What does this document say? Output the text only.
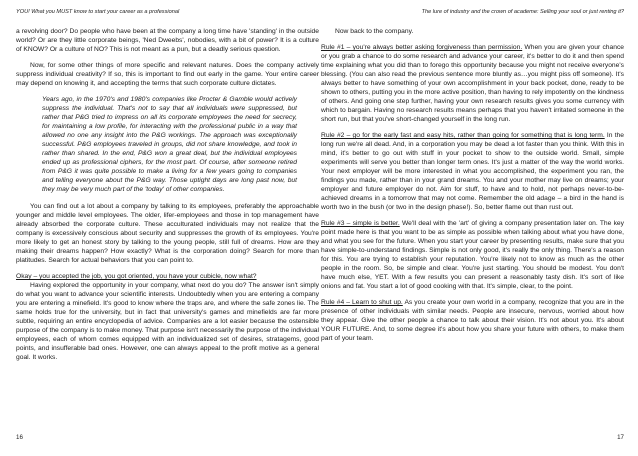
YOU! What you MUST know to start your career as a professional

a revolving door? Do people who have been at the company a long time have 'standing' in the outside world? Or are they little corporate beings, 'Ned Dweebs', nobodies, with a bit of power? It is a culture of KNOW? Or a culture of NO? This is not meant as a pun, but a deadly serious question.

Now, for some other things of more specific and relevant natures. Does the company actively suppress individual creativity? If so, this is important to find out early in the game. Your entire career may depend on knowing it, and accepting the terms that such corporate culture dictates.

Years ago, in the 1970's and 1980's companies like Procter & Gamble would actively suppress the individual. That's not to say that all individuals were suppressed, but rather that P&G tried to impress on all its corporate employees the need for secrecy, for maintaining a low profile, for interacting with the professional public in a way that allowed no one any insight into the P&G workings. The approach was exceptionally successful. P&G employees traveled in groups, did not share knowledge, and took in rather than shared. In the end, P&G won a great deal, but the individual employees ended up as professional ciphers, for the most part. Of course, after someone retired from P&G it was quite possible to make a living for a few years going to companies and telling everyone about the P&G way. Those uptight days are long past now, but they may be very much part of the 'today' of other companies.

You can find out a lot about a company by talking to its employees, preferably the approachable younger and middle level employees. The older, lifer-employees and those in top management have already absorbed the corporate culture. These acculturated individuals may not realize that the company is excessively conscious about security and suppresses the growth of its employees. You're more likely to get an honest story by talking to the young people, still full of dreams. How are they making their dreams happen? How exactly? What is the corporation doing? Search for more than platitudes. Search for actual behaviors that you can point to.

Okay – you accepted the job, you got oriented, you have your cubicle, now what?

Having explored the opportunity in your company, what next do you do? The answer isn't simply do what you want to advance your scientific interests. Undoubtedly when you are entering a company you are entering a minefield. It's good to know where the traps are, and where the safe zones lie. The same holds true for the university, but in fact that university's games and minefields are far more subtle, requiring an entire encyclopedia of advice. Companies are a lot easier because the ostensible purpose of the company is to make money. That purpose isn't necessarily the purpose of the individual employees, each of whom comes equipped with an individualized set of desires, stratagems, good points, and insufferable bad ones. However, one can always appeal to the profit motive as a general goal. It works.

16
The lure of industry and the crown of academe: Selling your soul or just renting it?

Now back to the company.

Rule #1 – you're always better asking forgiveness than permission. When you are given your chance or you grab a chance to do some research and advance your career, it's better to do it and then spend time explaining what you did than to forego this opportunity because you might not receive everyone's blessing. (You can also read the previous sentence more bluntly as…you might piss off someone). It's always better to have something of your own accomplishment in your back pocket, done, ready to be shown to others, putting you in the more active position, than having to rely impotently on the kindness of others. And going one step further, having your own research results gives you some currency with which to bargain. Having no research results means perhaps that you haven't irritated someone in the short run, but that you've short-changed yourself in the long run.

Rule #2 – go for the early fast and easy hits, rather than going for something that is long term. In the long run we're all dead. And, in a corporation you may be dead a lot faster than you think. With this in mind, it's better to go out with stuff in your pocket to show to the outside world. Small, simple experiments will serve you better than longer term ones. It's just a matter of the way the world works. Your next employer will be more interested in what you accomplished, the experiment you ran, the findings you made, rather than in your grand dreams. You and your mother may live on dreams; your employer and future employer do not. Aim for stuff, to have and to hold, not perhaps never-to-be-achieved dreams in a tomorrow that may not come. Remember the old adage – a bird in the hand is worth two in the bush (or two in the design phase!). So, better flame out than rust out.

Rule #3 – simple is better. We'll deal with the 'art' of giving a company presentation later on. The key point made here is that you want to be as simple as possible when talking about what you have done, and what you see for the future. When you start your career by presenting results, make sure that you have simple-to-understand findings. Simple is not only good, it's really the only thing. There's a reason for this. You are trying to establish your reputation. You're likely not to know as much as the other people in the room. So, be simple and clear. You're just starting. You should be modest. You don't have much else, YET. With a few results you can present a reasonably tasty dish. It's sort of like onions and fat. You start a lot of good cooking with that. It's simple, clear, to the point.

Rule #4 – Learn to shut up. As you create your own world in a company, recognize that you are in the presence of other individuals with similar needs. People are insecure, nervous, worried about how they appear. Give the other people a chance to talk about their vision. It's not about you. It's about YOUR FUTURE. And, to some degree it's about how you share your future with others, to make them part of your team.

17
